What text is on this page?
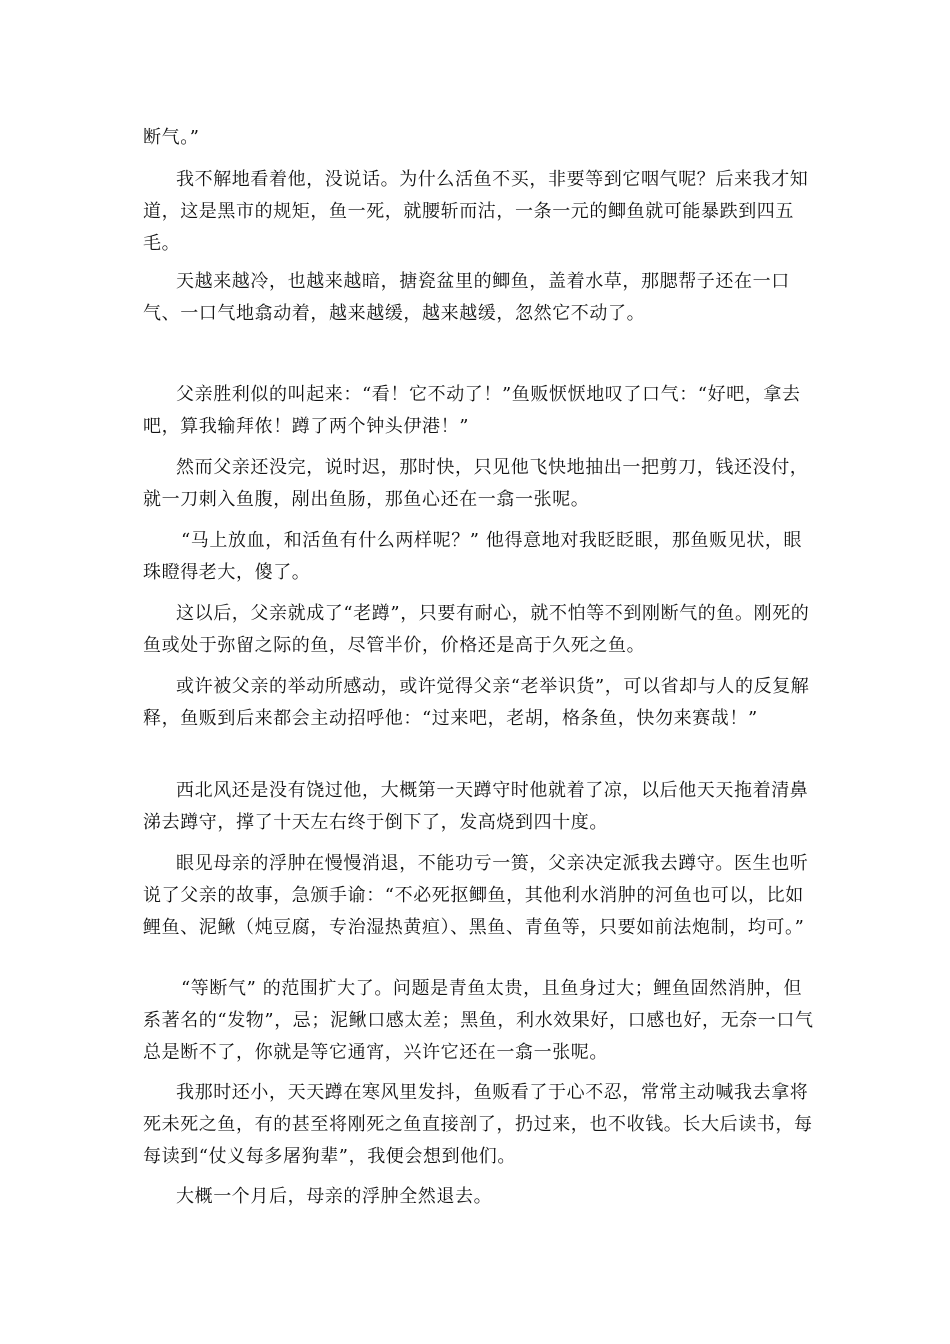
断气。”

我不解地看着他，没说话。为什么活鱼不买，非要等到它咽气呢？后来我才知道，这是黑市的规矩，鱼一死，就腰斩而沽，一条一元的鲫鱼就可能暴跌到四五毛。

天越来越冷，也越来越暗，搪瓷盆里的鲫鱼，盖着水草，那腮帮子还在一口气、一口气地翕动着，越来越缓，越来越缓，忽然它不动了。

父亲胜利似的叫起来：“看！它不动了！”鱼贩恹恹地叹了口气：“好吧，拿去吧，算我输拜侬！蹲了两个钟头伊港！”

然而父亲还没完，说时迟，那时快，只见他飞快地抽出一把剪刀，钱还没付，就一刀刺入鱼腹，剐出鱼肠，那鱼心还在一翕一张呢。

“马上放血，和活鱼有什么两样呢？” 他得意地对我眨眨眼，那鱼贩见状，眼珠瞪得老大，傻了。

这以后，父亲就成了“老蹲”，只要有耐心，就不怕等不到刚断气的鱼。刚死的鱼或处于弥留之际的鱼，尽管半价，价格还是高于久死之鱼。

或许被父亲的举动所感动，或许觉得父亲“老举识货”，可以省却与人的反复解释，鱼贩到后来都会主动招呼他：“过来吧，老胡，格条鱼，快勿来赛哉！”

西北风还是没有饶过他，大概第一天蹲守时他就着了凉，以后他天天拖着清鼻涕去蹲守，撑了十天左右终于倒下了，发高烧到四十度。

眼见母亲的浮肿在慢慢消退，不能功亏一篑，父亲决定派我去蹲守。医生也听说了父亲的故事，急颁手谕：“不必死抠鲫鱼，其他利水消肿的河鱼也可以，比如鲤鱼、泥鳅（炖豆腐，专治湿热黄疸）、黑鱼、青鱼等，只要如前法炮制，均可。”

“等断气” 的范围扩大了。问题是青鱼太贵，且鱼身过大；鲤鱼固然消肿，但系著名的“发物”，忌；泥鳅口感太差；黑鱼，利水效果好，口感也好，无奈一口气总是断不了，你就是等它通宵，兴许它还在一翕一张呢。

我那时还小，天天蹲在寒风里发抖，鱼贩看了于心不忍，常常主动喊我去拿将死未死之鱼，有的甚至将刚死之鱼直接剖了，扔过来，也不收钱。长大后读书，每每读到“仗义每多屠狗辈”，我便会想到他们。

大概一个月后，母亲的浮肿全然退去。
